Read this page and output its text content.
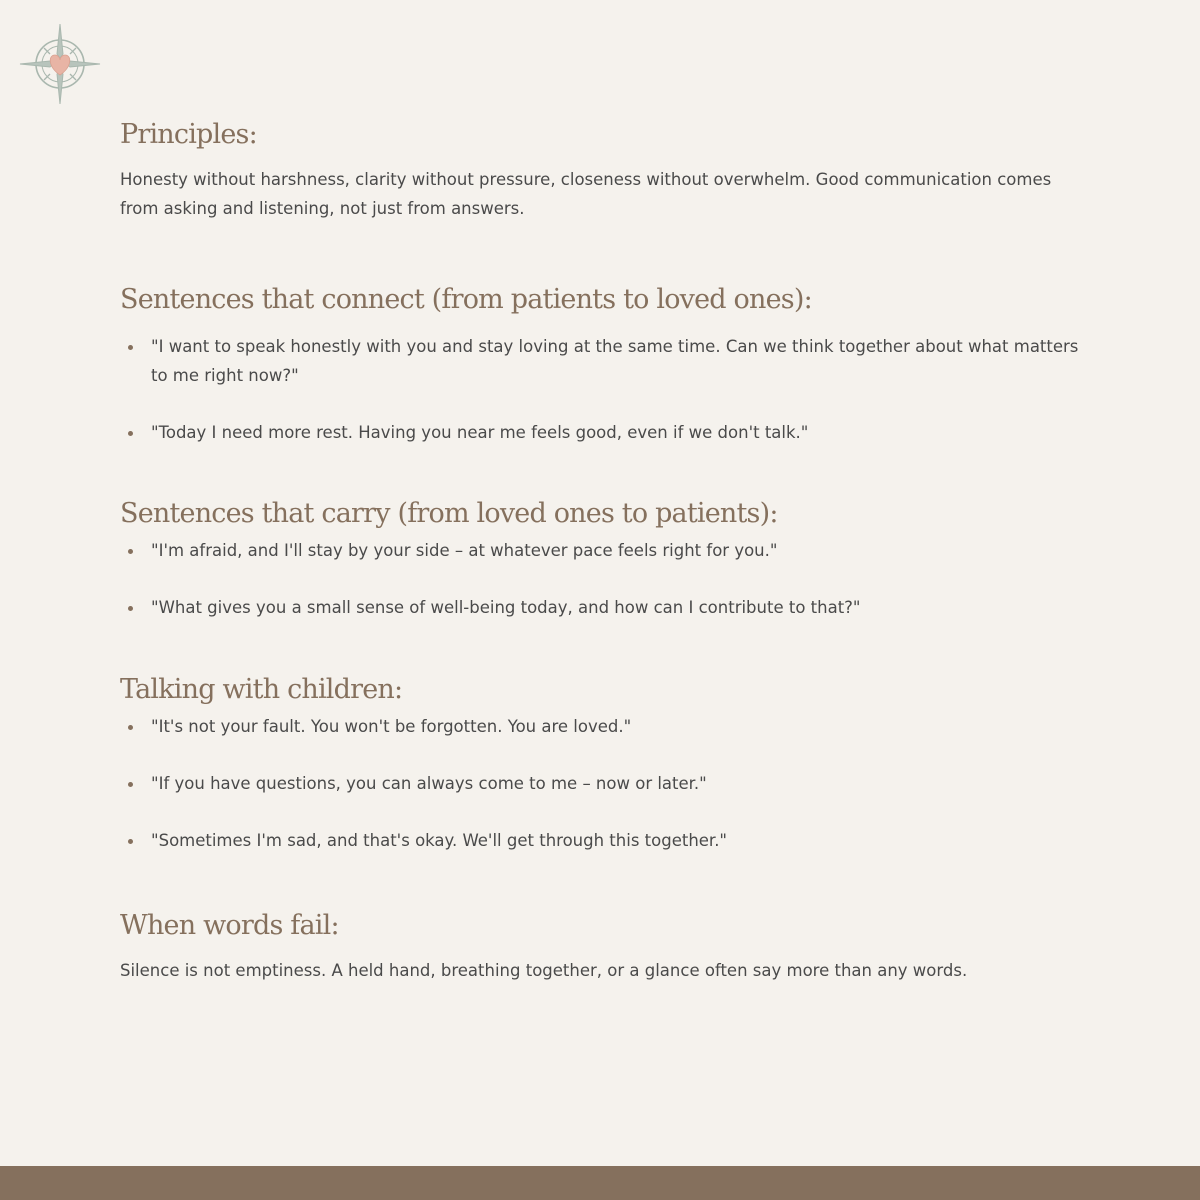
Principles:

Honesty without harshness, clarity without pressure, closeness without overwhelm. Good communication comes from asking and listening, not just from answers.

Sentences that connect (from patients to loved ones):
"I want to speak honestly with you and stay loving at the same time. Can we think together about what matters to me right now?"
"Today I need more rest. Having you near me feels good, even if we don't talk."
Sentences that carry (from loved ones to patients):
"I'm afraid, and I'll stay by your side – at whatever pace feels right for you."
"What gives you a small sense of well-being today, and how can I contribute to that?"
Talking with children:
"It's not your fault. You won't be forgotten. You are loved."
"If you have questions, you can always come to me – now or later."
"Sometimes I'm sad, and that's okay. We'll get through this together."
When words fail:

Silence is not emptiness. A held hand, breathing together, or a glance often say more than any words.
